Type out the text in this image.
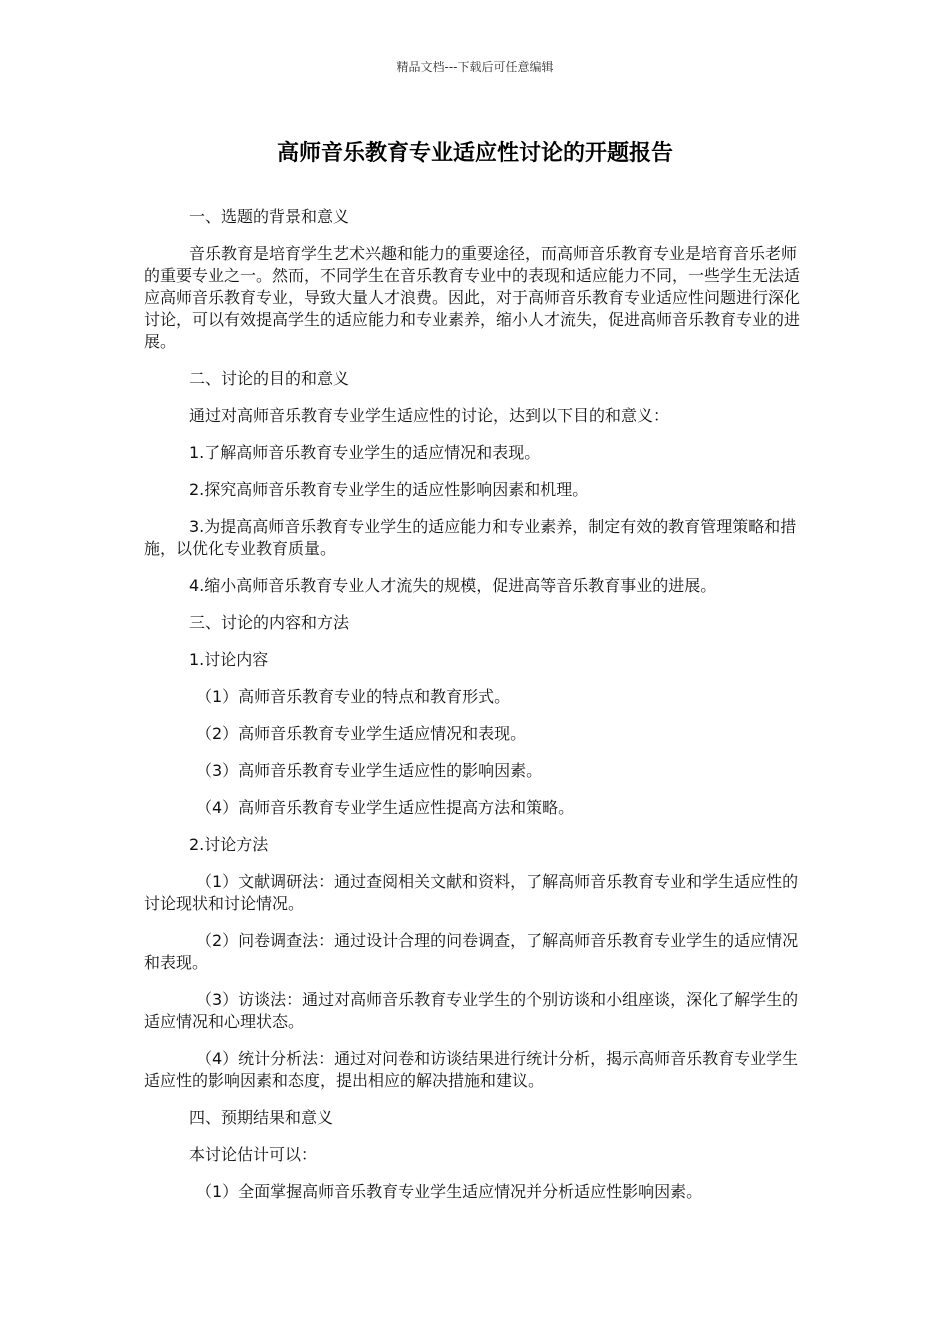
精品文档---下载后可任意编辑
高师音乐教育专业适应性讨论的开题报告

一、选题的背景和意义

音乐教育是培育学生艺术兴趣和能力的重要途径，而高师音乐教育专业是培育音乐老师的重要专业之一。然而，不同学生在音乐教育专业中的表现和适应能力不同，一些学生无法适应高师音乐教育专业，导致大量人才浪费。因此，对于高师音乐教育专业适应性问题进行深化讨论，可以有效提高学生的适应能力和专业素养，缩小人才流失，促进高师音乐教育专业的进展。

二、讨论的目的和意义

通过对高师音乐教育专业学生适应性的讨论，达到以下目的和意义：

1.了解高师音乐教育专业学生的适应情况和表现。

2.探究高师音乐教育专业学生的适应性影响因素和机理。

3.为提高高师音乐教育专业学生的适应能力和专业素养，制定有效的教育管理策略和措施，以优化专业教育质量。

4.缩小高师音乐教育专业人才流失的规模，促进高等音乐教育事业的进展。

三、讨论的内容和方法

1.讨论内容

（1）高师音乐教育专业的特点和教育形式。

（2）高师音乐教育专业学生适应情况和表现。

（3）高师音乐教育专业学生适应性的影响因素。

（4）高师音乐教育专业学生适应性提高方法和策略。

2.讨论方法

（1）文献调研法：通过查阅相关文献和资料，了解高师音乐教育专业和学生适应性的讨论现状和讨论情况。

（2）问卷调查法：通过设计合理的问卷调查，了解高师音乐教育专业学生的适应情况和表现。

（3）访谈法：通过对高师音乐教育专业学生的个别访谈和小组座谈，深化了解学生的适应情况和心理状态。

（4）统计分析法：通过对问卷和访谈结果进行统计分析，揭示高师音乐教育专业学生适应性的影响因素和态度，提出相应的解决措施和建议。

四、预期结果和意义

本讨论估计可以：

（1）全面掌握高师音乐教育专业学生适应情况并分析适应性影响因素。
